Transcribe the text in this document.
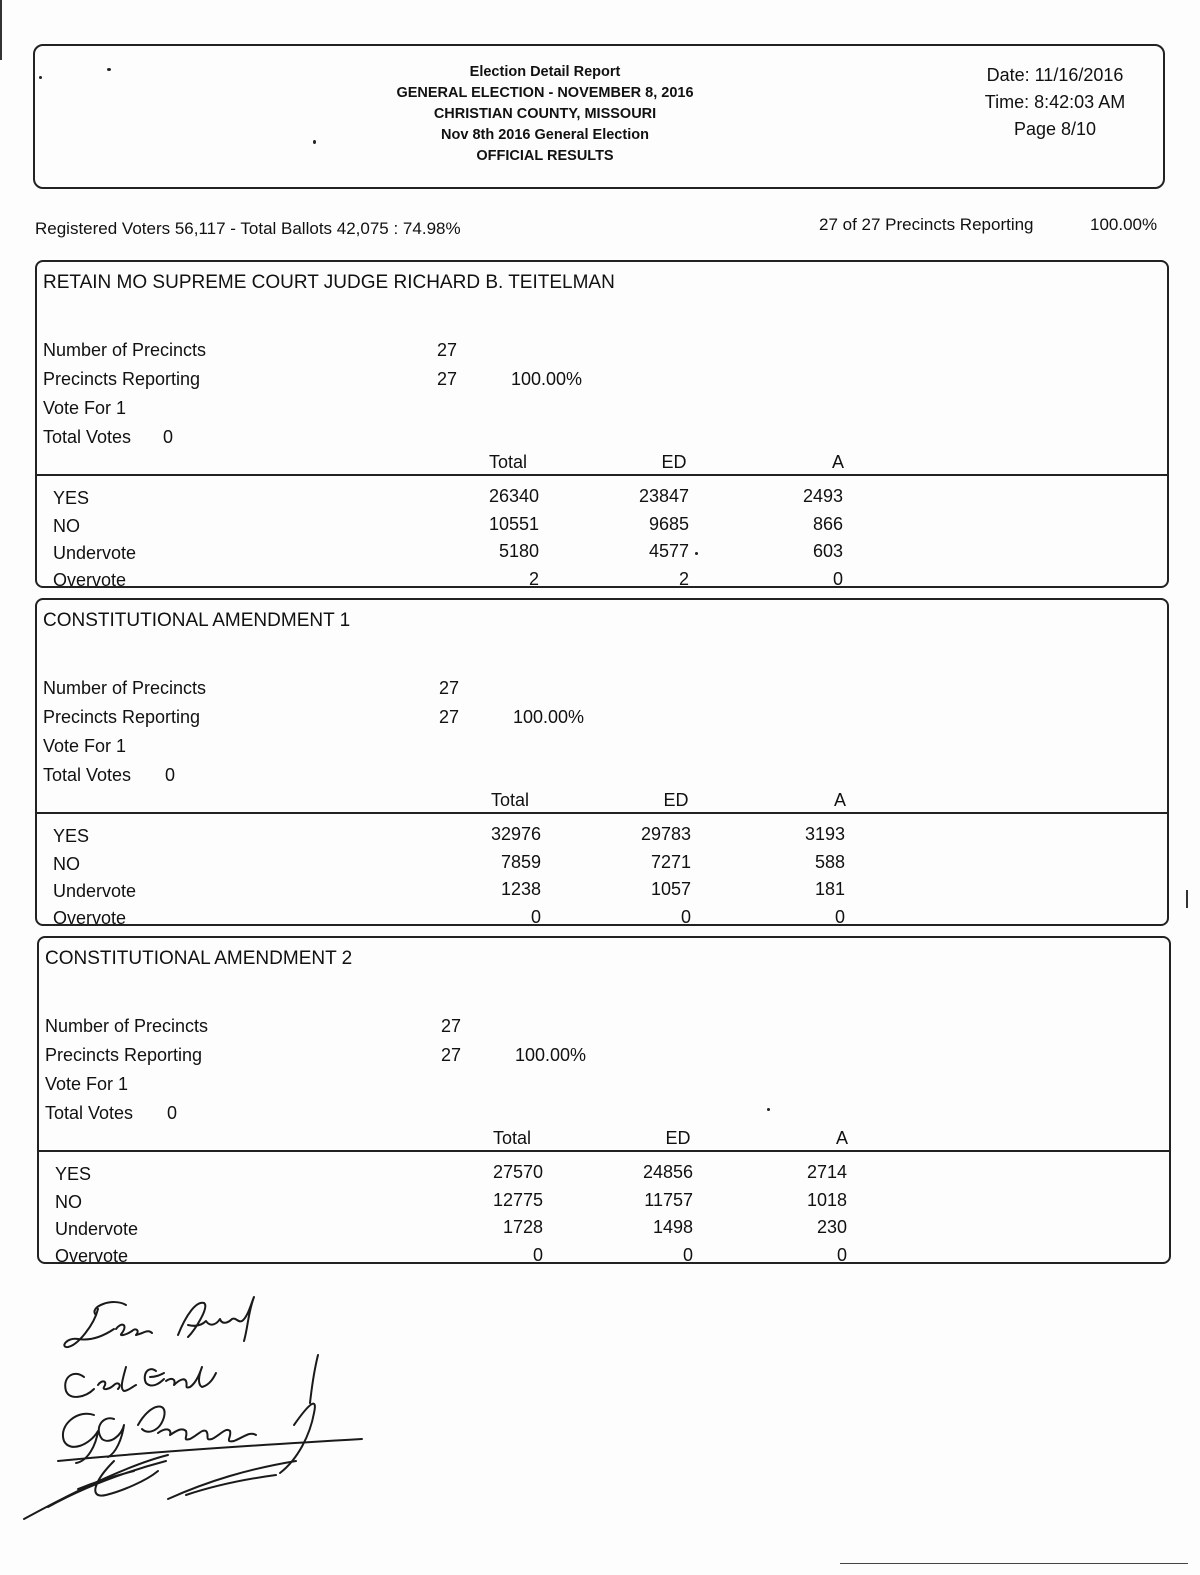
Election Detail Report
GENERAL ELECTION - NOVEMBER 8, 2016
CHRISTIAN COUNTY, MISSOURI
Nov 8th 2016 General Election
OFFICIAL RESULTS
Date: 11/16/2016
Time: 8:42:03 AM
Page 8/10
Registered Voters 56,117 - Total Ballots 42,075 : 74.98%	27 of 27 Precincts Reporting	100.00%
RETAIN MO SUPREME COURT JUDGE RICHARD B. TEITELMAN
Number of Precincts	27
Precincts Reporting	27	100.00%
Vote For 1
Total Votes 0
Total	ED	A
YES	26340	23847	2493
NO	10551	9685	866
Undervote	5180	4577	603
Overvote	2	2	0
CONSTITUTIONAL AMENDMENT 1
Number of Precincts	27
Precincts Reporting	27	100.00%
Vote For 1
Total Votes 0
Total	ED	A
YES	32976	29783	3193
NO	7859	7271	588
Undervote	1238	1057	181
Overvote	0	0	0
CONSTITUTIONAL AMENDMENT 2
Number of Precincts	27
Precincts Reporting	27	100.00%
Vote For 1
Total Votes 0
Total	ED	A
YES	27570	24856	2714
NO	12775	11757	1018
Undervote	1728	1498	230
Overvote	0	0	0
